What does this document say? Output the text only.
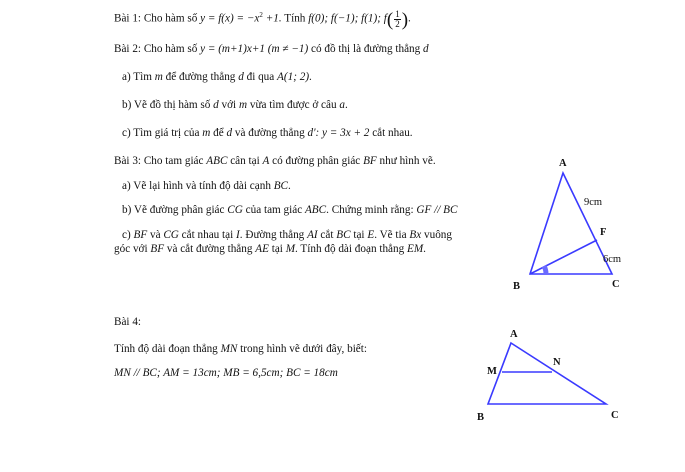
Bài 1: Cho hàm số $y = f(x) = -x^2 +1$. Tính f(0); f(−1); f(1); $f( \frac{1}{2}$ ).
Bài 2: Cho hàm số y = (m+1)x+1 (m ≠ −1) có đồ thị là đường thẳng d
a) Tìm m để đường thẳng d đi qua A(1; 2).
b) Vẽ đồ thị hàm số d với m vừa tìm được ở câu a.
c) Tìm giá trị của m để d và đường thẳng d': y = 3x + 2 cắt nhau.
Bài 3: Cho tam giác ABC cân tại A có đường phân giác BF như hình vẽ.
a) Vẽ lại hình và tính độ dài cạnh BC.
b) Vẽ đường phân giác CG của tam giác ABC. Chứng minh rằng: GF // BC
c) BF và CG cắt nhau tại I. Đường thẳng AI cắt BC tại E. Vẽ tia Bx vuông
góc với BF và cắt đường thẳng AE tại M. Tính độ dài đoạn thẳng EM.
A
B	C
F
9cm
6cm
Bài 4:
Tính độ dài đoạn thẳng MN trong hình vẽ dưới đây, biết:
MN // BC; AM = 13cm; MB = 6,5cm; BC = 18cm
A
M
N
B	C
